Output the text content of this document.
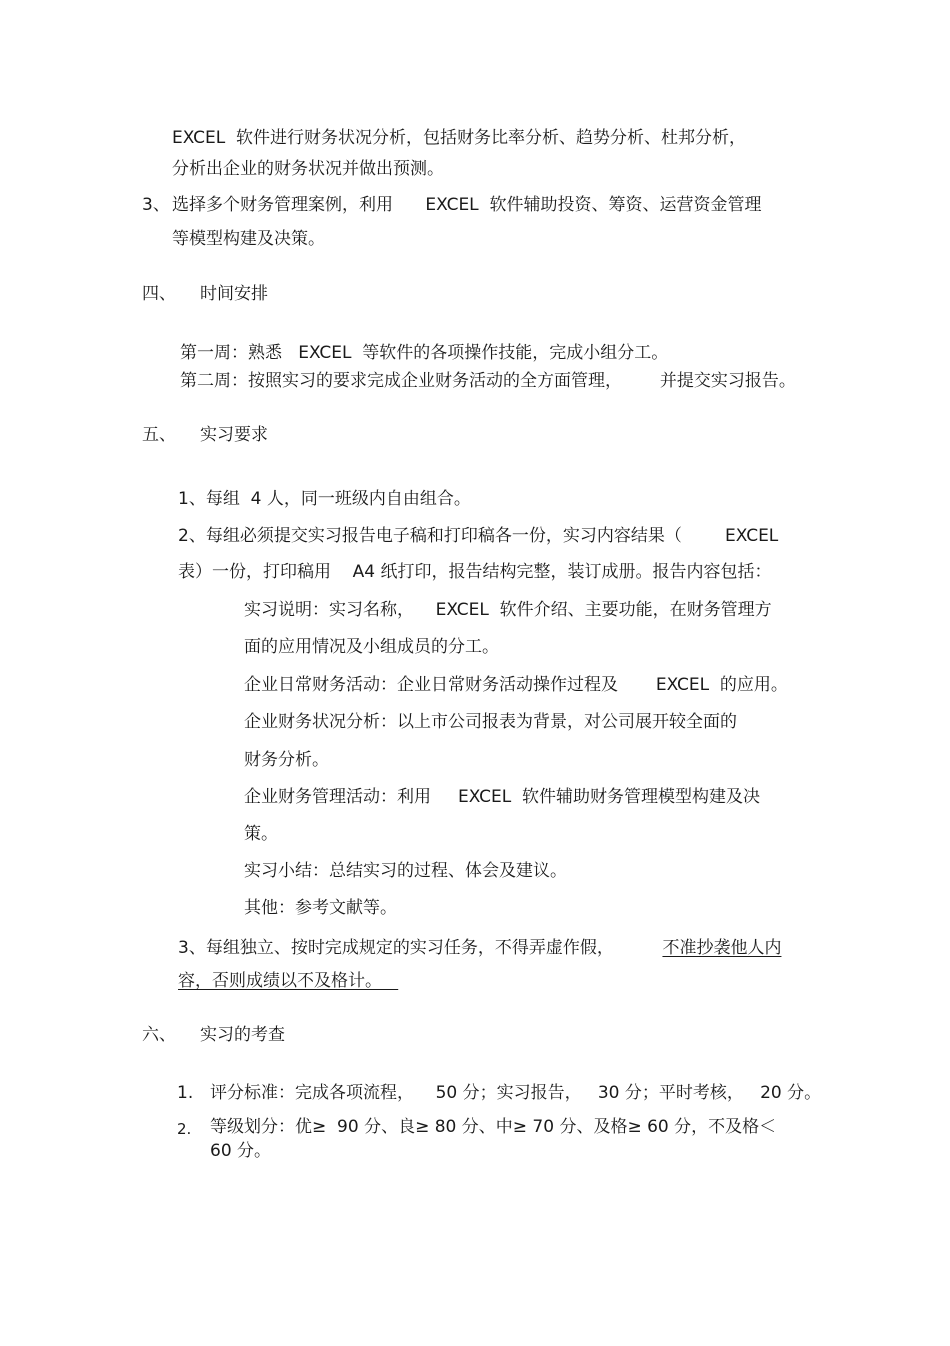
EXCEL  软件进行财务状况分析，包括财务比率分析、趋势分析、杜邦分析，
分析出企业的财务状况并做出预测。
3、 选择多个财务管理案例，利用      EXCEL  软件辅助投资、筹资、运营资金管理
等模型构建及决策。
四、 时间安排
第一周：熟悉   EXCEL  等软件的各项操作技能，完成小组分工。
第二周：按照实习的要求完成企业财务活动的全方面管理，       并提交实习报告。
五、 实习要求
1、每组  4 人，同一班级内自由组合。
2、每组必须提交实习报告电子稿和打印稿各一份，实习内容结果（        EXCEL
表）一份，打印稿用    A4 纸打印，报告结构完整，装订成册。报告内容包括：
实习说明：实习名称，    EXCEL  软件介绍、主要功能，在财务管理方
面的应用情况及小组成员的分工。
企业日常财务活动：企业日常财务活动操作过程及       EXCEL  的应用。
企业财务状况分析：以上市公司报表为背景，对公司展开较全面的
财务分析。
企业财务管理活动：利用     EXCEL  软件辅助财务管理模型构建及决
策。
实习小结：总结实习的过程、体会及建议。
其他：参考文献等。
3、每组独立、按时完成规定的实习任务，不得弄虚作假，         不准抄袭他人内
容，否则成绩以不及格计。
六、 实习的考查
1. 评分标准：完成各项流程，    50 分；实习报告，   30 分；平时考核，   20 分。
2. 等级划分：优≥  90 分、良≥ 80 分、中≥ 70 分、及格≥ 60 分，不及格＜
60 分。
